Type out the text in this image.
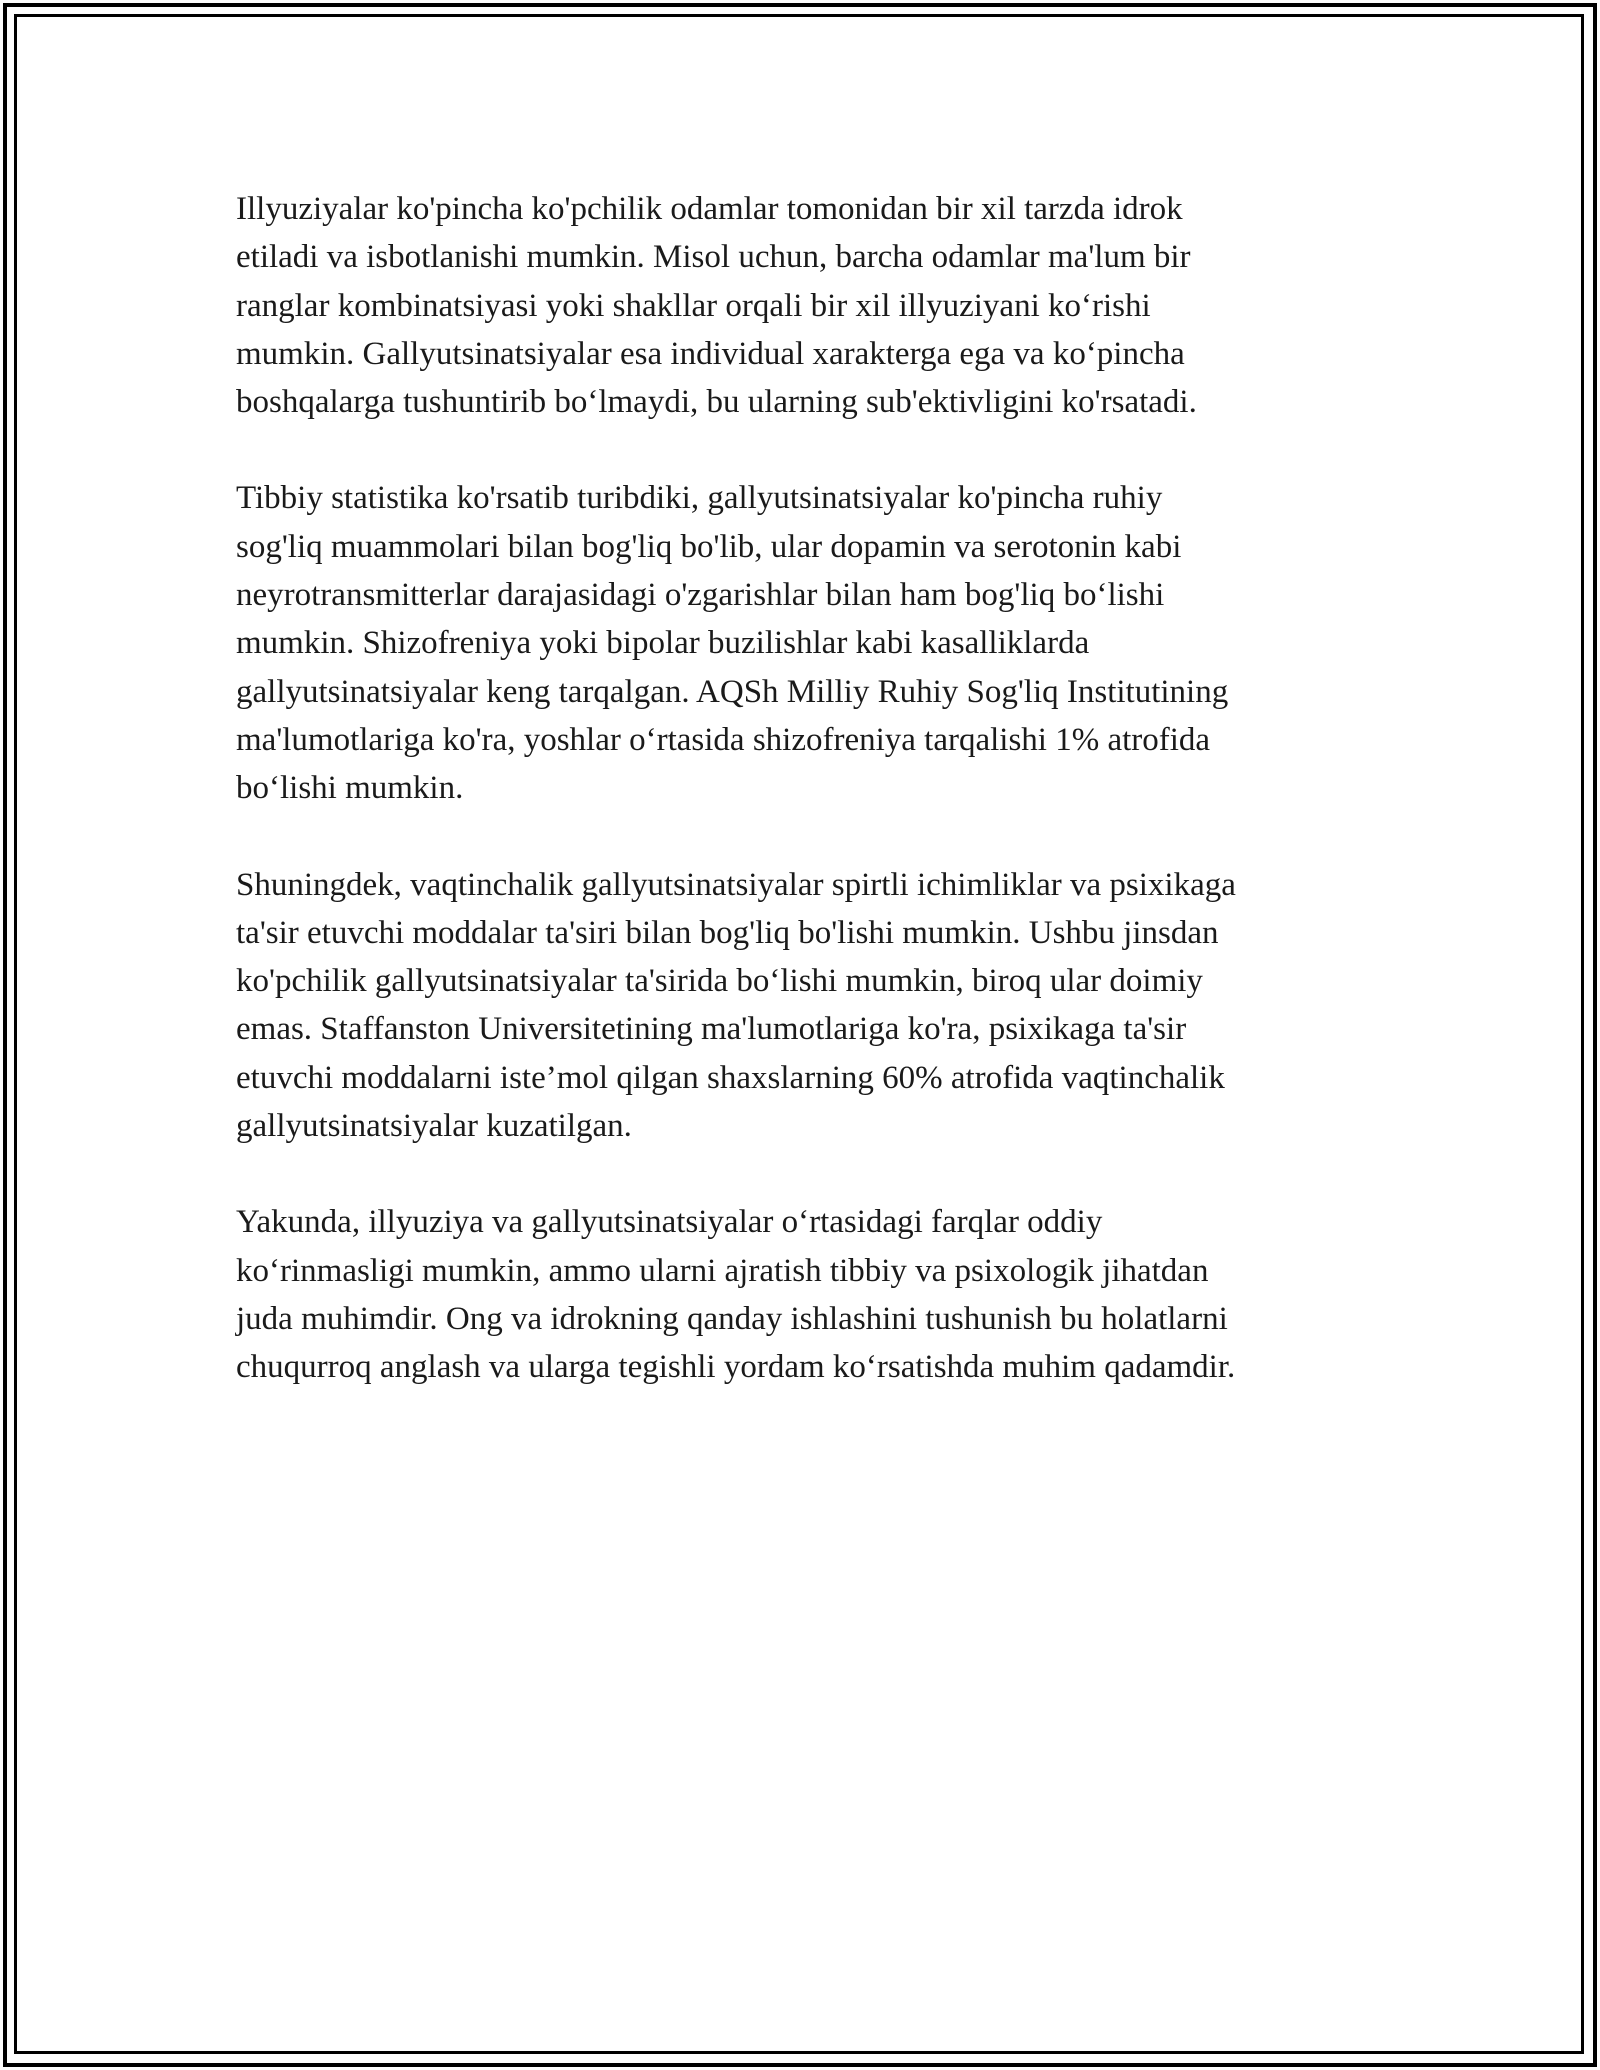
Illyuziyalar ko'pincha ko'pchilik odamlar tomonidan bir xil tarzda idrok
etiladi va isbotlanishi mumkin. Misol uchun, barcha odamlar ma'lum bir
ranglar kombinatsiyasi yoki shakllar orqali bir xil illyuziyani ko‘rishi
mumkin. Gallyutsinatsiyalar esa individual xarakterga ega va ko‘pincha
boshqalarga tushuntirib bo‘lmaydi, bu ularning sub'ektivligini ko'rsatadi.

Tibbiy statistika ko'rsatib turibdiki, gallyutsinatsiyalar ko'pincha ruhiy
sog'liq muammolari bilan bog'liq bo'lib, ular dopamin va serotonin kabi
neyrotransmitterlar darajasidagi o'zgarishlar bilan ham bog'liq bo‘lishi
mumkin. Shizofreniya yoki bipolar buzilishlar kabi kasalliklarda
gallyutsinatsiyalar keng tarqalgan. AQSh Milliy Ruhiy Sog'liq Institutining
ma'lumotlariga ko'ra, yoshlar o‘rtasida shizofreniya tarqalishi 1% atrofida
bo‘lishi mumkin.

Shuningdek, vaqtinchalik gallyutsinatsiyalar spirtli ichimliklar va psixikaga
ta'sir etuvchi moddalar ta'siri bilan bog'liq bo'lishi mumkin. Ushbu jinsdan
ko'pchilik gallyutsinatsiyalar ta'sirida bo‘lishi mumkin, biroq ular doimiy
emas. Staffanston Universitetining ma'lumotlariga ko'ra, psixikaga ta'sir
etuvchi moddalarni iste’mol qilgan shaxslarning 60% atrofida vaqtinchalik
gallyutsinatsiyalar kuzatilgan.

Yakunda, illyuziya va gallyutsinatsiyalar o‘rtasidagi farqlar oddiy
ko‘rinmasligi mumkin, ammo ularni ajratish tibbiy va psixologik jihatdan
juda muhimdir. Ong va idrokning qanday ishlashini tushunish bu holatlarni
chuqurroq anglash va ularga tegishli yordam ko‘rsatishda muhim qadamdir.
